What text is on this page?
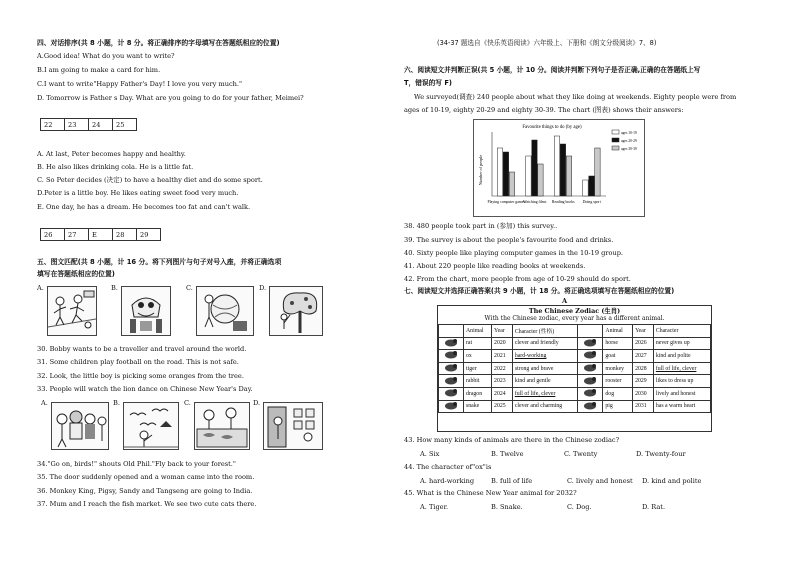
四、对话排序(共 8 小题，计 8 分。将正确排序的字母填写在答题纸相应的位置)
A.Good idea! What do you want to write?
B.I am going to make a card for him.
C.I want to write"Happy Father's Day! I love you very much."
D. Tomorrow is Father s Day. What are you going to do for your father, Meimei?
22	23	24	25
A. At last, Peter becomes happy and healthy.
B. He also likes drinking cola. He is a little fat.
C. So Peter decides (决定) to have a healthy diet and do some sport.
D.Peter is a little boy. He likes eating sweet food very much.
E. One day, he has a dream. He becomes too fat and can't walk.
26	27	E	28	29
五、图文匹配(共 8 小题，计 16 分。将下列图片与句子对号入座，并将正确选项
填写在答题纸相应的位置)
A.	B.	C.	D.
30. Bobby wants to be a traveller and travel around the world.
31. Some children play football on the road. This is not safe.
32. Look, the little boy is picking some oranges from the tree.
33. People will watch the lion dance on Chinese New Year's Day.
A.	B.	C.	D.
34."Go on, birds!" shouts Old Phil."Fly back to your forest."
35. The door suddenly opened and a woman came into the room.
36. Monkey King, Pigsy, Sandy and Tangseng are going to India.
37. Mum and I reach the fish market. We see two cute cats there.
(34-37 题选自《快乐英语阅读》六年级上、下册和《朗文分级阅读》7、8)
六、阅读短文并判断正误(共 5 小题，计 10 分。阅读并判断下列句子是否正确,正确的在答题纸上写
T，错误的写 F)
We surveyed(调查) 240 people about what they like doing at weekends. Eighty people were from
ages of 10-19, eighty 20-29 and eighty 30-39. The chart (图表) shows their answers:
Favourite things to do (by age)
Number of people
ages 10-19
ages 20-29
ages 30-39
Playing computer games
Watching films Reading books Doing sport
38. 480 people took part in (参加) this survey..
39. The survey is about the people's favourite food and drinks.
40. Sixty people like playing computer games in the 10-19 group.
41. About 220 people like reading books at weekends.
42. From the chart, more people from age of 10-29 should do sport.
七、阅读短文并选择正确答案(共 9 小题，计 18 分。将正确选项填写在答题纸相应的位置)
A
The Chinese Zodiac (生肖)
With the Chinese zodiac, every year has a different animal.
	Animal	Year	Character (性格)		Animal	Year	Character
	rat	2020	clever and friendly		horse	2026	never gives up
	ox	2021	hard-working		goat	2027	kind and polite
	tiger	2022	strong and brave		monkey	2028	full of life, clever
	rabbit	2023	kind and gentle		rooster	2029	likes to dress up
	dragon	2024	full of life, clever		dog	2030	lively and honest
	snake	2025	clever and charming		pig	2031	has a warm heart
43. How many kinds of animals are there in the Chinese zodiac?
A. Six	B. Twelve	C. Twenty	D. Twenty-four
44. The character of"ox"is
A. hard-working	B. full of life	C. lively and honest D. kind and polite
45. What is the Chinese New Year animal for 2032?
A. Tiger.	B. Snake.	C. Dog.	D. Rat.
